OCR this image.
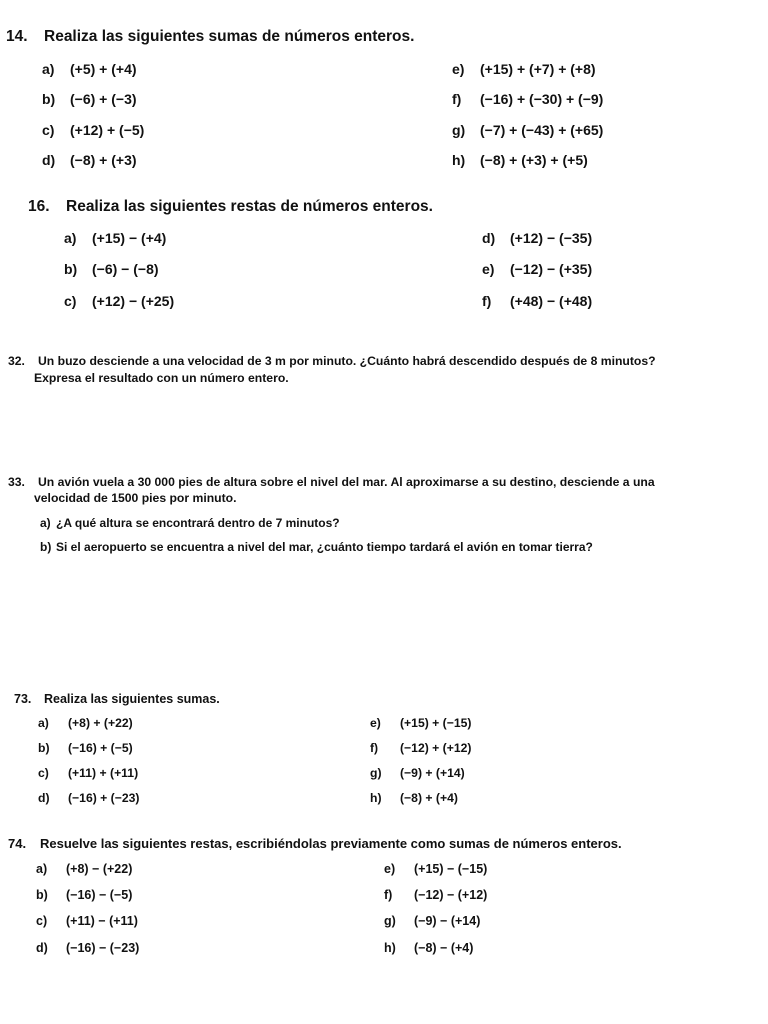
14. Realiza las siguientes sumas de números enteros.
a) (+5) + (+4)
b) (−6) + (−3)
c) (+12) + (−5)
d) (−8) + (+3)
e) (+15) + (+7) + (+8)
f) (−16) + (−30) + (−9)
g) (−7) + (−43) + (+65)
h) (−8) + (+3) + (+5)
16. Realiza las siguientes restas de números enteros.
a) (+15) − (+4)
b) (−6) − (−8)
c) (+12) − (+25)
d) (+12) − (−35)
e) (−12) − (+35)
f) (+48) − (+48)
32. Un buzo desciende a una velocidad de 3 m por minuto. ¿Cuánto habrá descendido después de 8 minutos?
Expresa el resultado con un número entero.
33. Un avión vuela a 30 000 pies de altura sobre el nivel del mar. Al aproximarse a su destino, desciende a una
velocidad de 1500 pies por minuto.
a) ¿A qué altura se encontrará dentro de 7 minutos?
b) Si el aeropuerto se encuentra a nivel del mar, ¿cuánto tiempo tardará el avión en tomar tierra?
73. Realiza las siguientes sumas.
a) (+8) + (+22)
b) (−16) + (−5)
c) (+11) + (+11)
d) (−16) + (−23)
e) (+15) + (−15)
f) (−12) + (+12)
g) (−9) + (+14)
h) (−8) + (+4)
74. Resuelve las siguientes restas, escribiéndolas previamente como sumas de números enteros.
a) (+8) − (+22)
b) (−16) − (−5)
c) (+11) − (+11)
d) (−16) − (−23)
e) (+15) − (−15)
f) (−12) − (+12)
g) (−9) − (+14)
h) (−8) − (+4)
